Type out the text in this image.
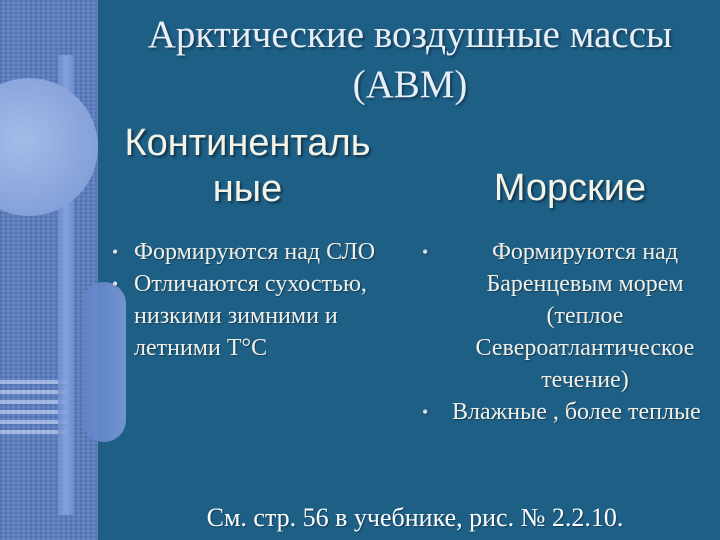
Арктические воздушные массы
(АВМ)
Континенталь
ные	Морские
• Формируются над СЛО
• Отличаются сухостью, низкими зимними и летними Т°С
•	Формируются над Баренцевым морем (теплое Североатлантическое течение)
• Влажные , более теплые
См. стр. 56 в учебнике, рис. № 2.2.10.
